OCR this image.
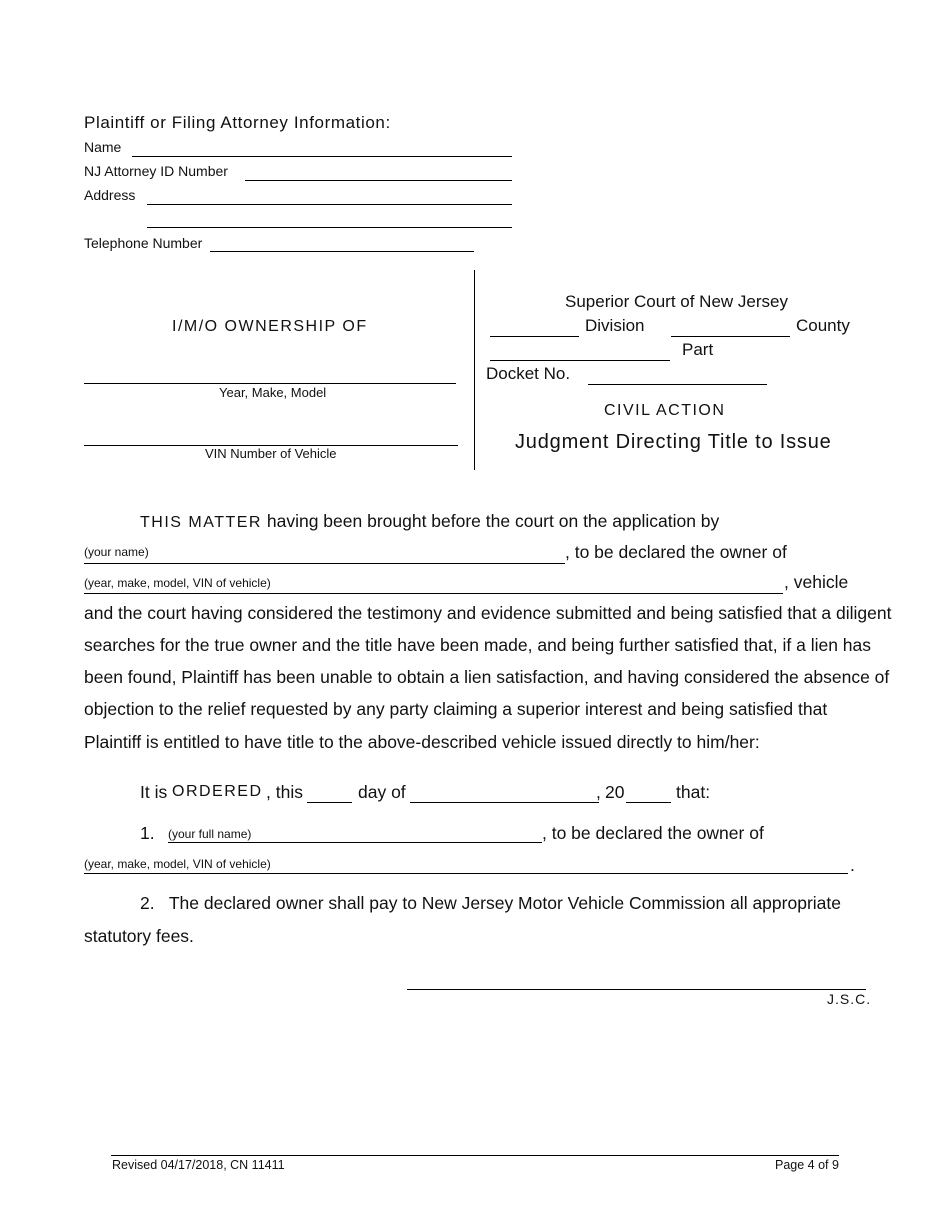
Plaintiff or Filing Attorney Information:
Name
NJ Attorney ID Number
Address
Telephone Number
I/M/O OWNERSHIP OF
Year, Make, Model
VIN Number of Vehicle
Superior Court of New Jersey
Division	County
Part
Docket No.
CIVIL ACTION
Judgment Directing Title to Issue
THIS MATTER having been brought before the court on the application by
(your name)	, to be declared the owner of
(year, make, model, VIN of vehicle)	, vehicle
and the court having considered the testimony and evidence submitted and being satisfied that a diligent
searches for the true owner and the title have been made, and being further satisfied that, if a lien has
been found, Plaintiff has been unable to obtain a lien satisfaction, and having considered the absence of
objection to the relief requested by any party claiming a superior interest and being satisfied that
Plaintiff is entitled to have title to the above-described vehicle issued directly to him/her:
It is ORDERED , this	day of	, 20	that:
1. (your full name)	, to be declared the owner of
(year, make, model, VIN of vehicle)	.
2.   The declared owner shall pay to New Jersey Motor Vehicle Commission all appropriate
statutory fees.
J.S.C.
Revised 04/17/2018, CN 11411	Page 4 of 9
